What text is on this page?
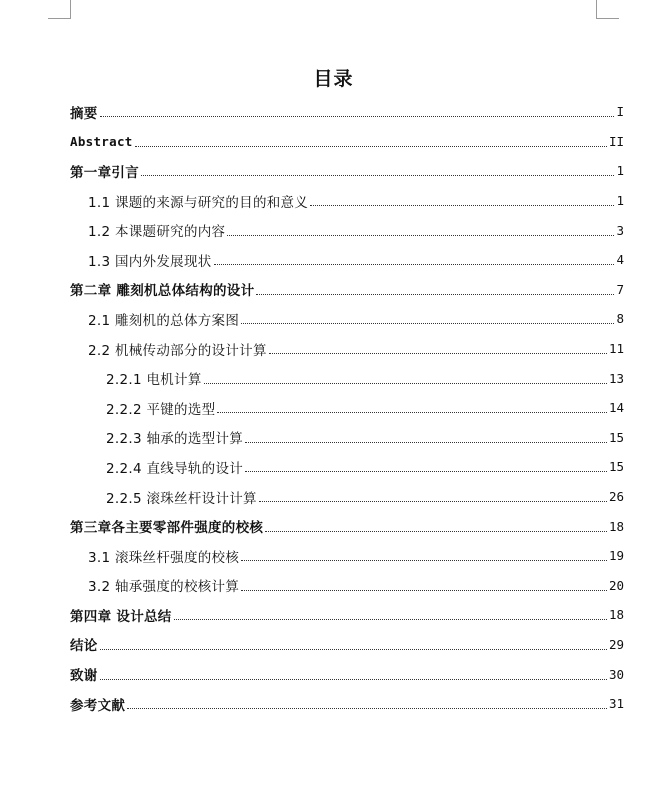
目录
摘要	I
Abstract	II
第一章引言	1
1.1 课题的来源与研究的目的和意义	1
1.2 本课题研究的内容	3
1.3 国内外发展现状	4
第二章 雕刻机总体结构的设计	7
2.1 雕刻机的总体方案图	8
2.2 机械传动部分的设计计算	11
2.2.1 电机计算	13
2.2.2 平键的选型	14
2.2.3 轴承的选型计算	15
2.2.4 直线导轨的设计	15
2.2.5 滚珠丝杆设计计算	26
第三章各主要零部件强度的校核	18
3.1 滚珠丝杆强度的校核	19
3.2 轴承强度的校核计算	20
第四章 设计总结	18
结论	29
致谢	30
参考文献	31
